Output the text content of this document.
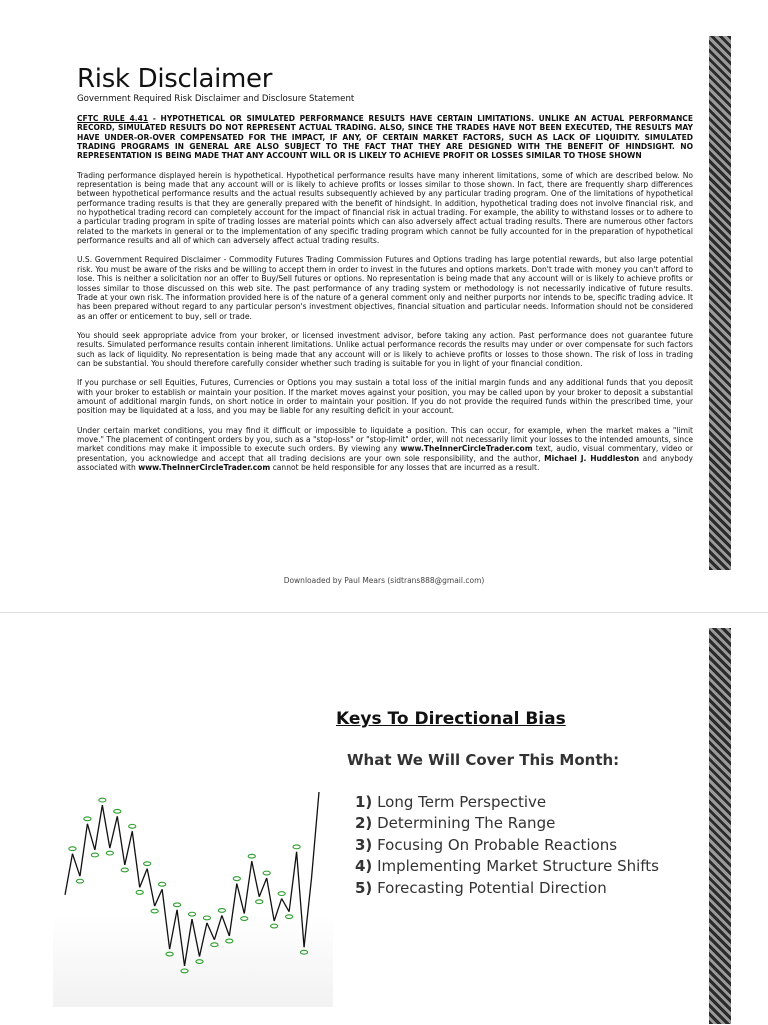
Risk Disclaimer
Government Required Risk Disclaimer and Disclosure Statement

CFTC RULE 4.41 - HYPOTHETICAL OR SIMULATED PERFORMANCE RESULTS HAVE CERTAIN LIMITATIONS. UNLIKE AN ACTUAL PERFORMANCE RECORD, SIMULATED RESULTS DO NOT REPRESENT ACTUAL TRADING. ALSO, SINCE THE TRADES HAVE NOT BEEN EXECUTED, THE RESULTS MAY HAVE UNDER-OR-OVER COMPENSATED FOR THE IMPACT, IF ANY, OF CERTAIN MARKET FACTORS, SUCH AS LACK OF LIQUIDITY. SIMULATED TRADING PROGRAMS IN GENERAL ARE ALSO SUBJECT TO THE FACT THAT THEY ARE DESIGNED WITH THE BENEFIT OF HINDSIGHT. NO REPRESENTATION IS BEING MADE THAT ANY ACCOUNT WILL OR IS LIKELY TO ACHIEVE PROFIT OR LOSSES SIMILAR TO THOSE SHOWN

Trading performance displayed herein is hypothetical. Hypothetical performance results have many inherent limitations, some of which are described below. No representation is being made that any account will or is likely to achieve profits or losses similar to those shown. In fact, there are frequently sharp differences between hypothetical performance results and the actual results subsequently achieved by any particular trading program. One of the limitations of hypothetical performance trading results is that they are generally prepared with the benefit of hindsight. In addition, hypothetical trading does not involve financial risk, and no hypothetical trading record can completely account for the impact of financial risk in actual trading. For example, the ability to withstand losses or to adhere to a particular trading program in spite of trading losses are material points which can also adversely affect actual trading results. There are numerous other factors related to the markets in general or to the implementation of any specific trading program which cannot be fully accounted for in the preparation of hypothetical performance results and all of which can adversely affect actual trading results.

U.S. Government Required Disclaimer - Commodity Futures Trading Commission Futures and Options trading has large potential rewards, but also large potential risk. You must be aware of the risks and be willing to accept them in order to invest in the futures and options markets. Don't trade with money you can't afford to lose. This is neither a solicitation nor an offer to Buy/Sell futures or options. No representation is being made that any account will or is likely to achieve profits or losses similar to those discussed on this web site. The past performance of any trading system or methodology is not necessarily indicative of future results. Trade at your own risk. The information provided here is of the nature of a general comment only and neither purports nor intends to be, specific trading advice. It has been prepared without regard to any particular person's investment objectives, financial situation and particular needs. Information should not be considered as an offer or enticement to buy, sell or trade.

You should seek appropriate advice from your broker, or licensed investment advisor, before taking any action. Past performance does not guarantee future results. Simulated performance results contain inherent limitations. Unlike actual performance records the results may under or over compensate for such factors such as lack of liquidity. No representation is being made that any account will or is likely to achieve profits or losses to those shown. The risk of loss in trading can be substantial. You should therefore carefully consider whether such trading is suitable for you in light of your financial condition.

If you purchase or sell Equities, Futures, Currencies or Options you may sustain a total loss of the initial margin funds and any additional funds that you deposit with your broker to establish or maintain your position. If the market moves against your position, you may be called upon by your broker to deposit a substantial amount of additional margin funds, on short notice in order to maintain your position. If you do not provide the required funds within the prescribed time, your position may be liquidated at a loss, and you may be liable for any resulting deficit in your account.

Under certain market conditions, you may find it difficult or impossible to liquidate a position. This can occur, for example, when the market makes a "limit move." The placement of contingent orders by you, such as a "stop-loss" or "stop-limit" order, will not necessarily limit your losses to the intended amounts, since market conditions may make it impossible to execute such orders. By viewing any www.TheInnerCircleTrader.com text, audio, visual commentary, video or presentation, you acknowledge and accept that all trading decisions are your own sole responsibility, and the author, Michael J. Huddleston and anybody associated with www.TheInnerCircleTrader.com cannot be held responsible for any losses that are incurred as a result.

Downloaded by Paul Mears (sidtrans888@gmail.com)
Keys To Directional Bias
What We Will Cover This Month:
1) Long Term Perspective
2) Determining The Range
3) Focusing On Probable Reactions
4) Implementing Market Structure Shifts
5) Forecasting Potential Direction
